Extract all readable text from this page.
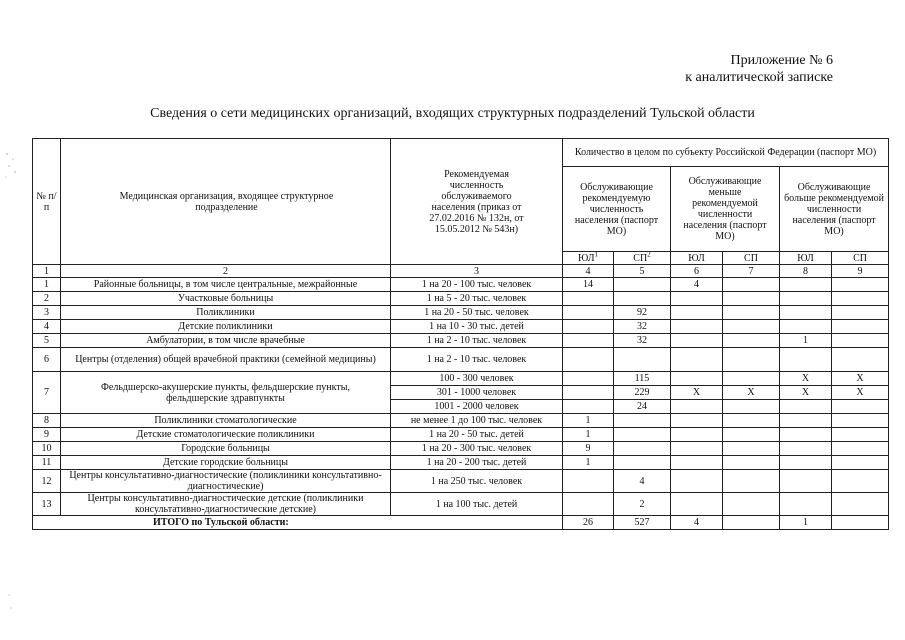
Приложение № 6
к аналитической записке
Сведения о сети медицинских организаций, входящих структурных подразделений Тульской области
№ п/п	Медицинская организация, входящее структурное подразделение	Рекомендуемая численность обслуживаемого населения (приказ от 27.02.2016 № 132н, от 15.05.2012 № 543н)	Количество в целом по субъекту Российской Федерации (паспорт МО)					
			Обслуживающие рекомендуемую численность населения (паспорт МО)		Обслуживающие меньше рекомендуемой численности населения (паспорт МО)		Обслуживающие больше рекомендуемой численности населения (паспорт МО)	
			$ЮЛ^1$	$СП^2$	ЮЛ	СП	ЮЛ	СП
1	2	3	4	5	6	7	8	9
1	Районные больницы, в том числе центральные, межрайонные	1 на 20 - 100 тыс. человек	14		4			
2	Участковые больницы	1 на 5 - 20 тыс. человек						
3	Поликлиники	1 на 20 - 50 тыс. человек		92				
4	Детские поликлиники	1 на 10 - 30 тыс. детей		32				
5	Амбулатории, в том числе врачебные	1 на 2 - 10 тыс. человек		32			1	
6	Центры (отделения) общей врачебной практики (семейной медицины)	1 на 2 - 10 тыс. человек						
7	Фельдшерско-акушерские пункты, фельдшерские пункты, фельдшерские здравпункты	100 - 300 человек		115			Х	Х
		301 - 1000 человек		229	Х	Х	Х	Х
		1001 - 2000 человек		24				
8	Поликлиники стоматологические	не менее 1 до 100 тыс. человек	1					
9	Детские стоматологические поликлиники	1 на 20 - 50 тыс. детей	1					
10	Городские больницы	1 на 20 - 300 тыс. человек	9					
11	Детские городские больницы	1 на 20 - 200 тыс. детей	1					
12	Центры консультативно-диагностические (поликлиники консультативно-диагностические)	1 на 250 тыс. человек		4				
13	Центры консультативно-диагностические детские (поликлиники консультативно-диагностические детские)	1 на 100 тыс. детей		2				
ИТОГО по Тульской области:			26	527	4		1	
